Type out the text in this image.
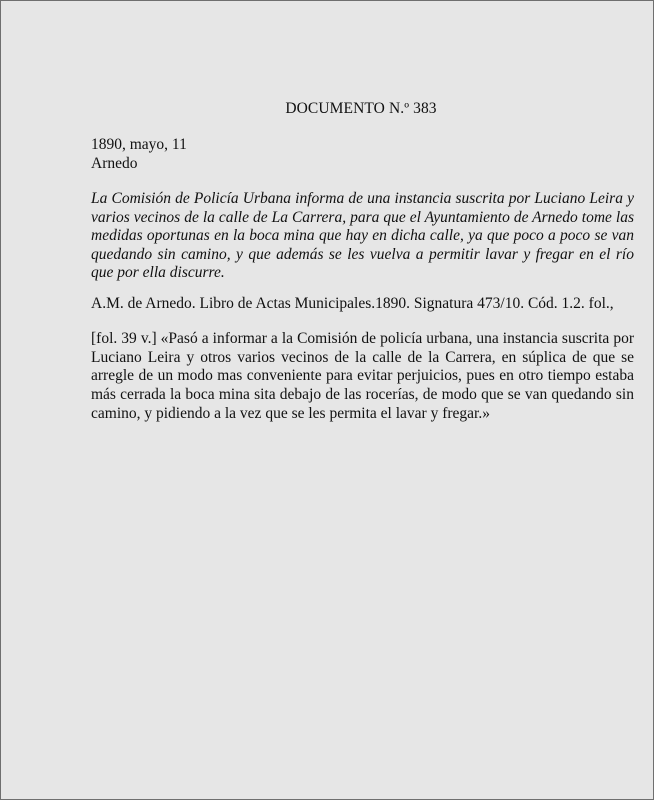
DOCUMENTO N.º 383
1890, mayo, 11
Arnedo
La Comisión de Policía Urbana informa de una instancia suscrita por Luciano Leira y varios vecinos de la calle de La Carrera, para que el Ayuntamiento de Arnedo tome las medidas oportunas en la boca mina que hay en dicha calle, ya que poco a poco se van quedando sin camino, y que además se les vuelva a permitir lavar y fregar en el río que por ella discurre.
A.M. de Arnedo. Libro de Actas Municipales.1890. Signatura 473/10. Cód. 1.2. fol.,
[fol. 39 v.] «Pasó a informar a la Comisión de policía urbana, una instancia suscrita por Luciano Leira y otros varios vecinos de la calle de la Carrera, en súplica de que se arregle de un modo mas conveniente para evitar perjuicios, pues en otro tiempo estaba más cerrada la boca mina sita debajo de las rocerías, de modo que se van quedando sin camino, y pidiendo a la vez que se les permita el lavar y fregar.»
